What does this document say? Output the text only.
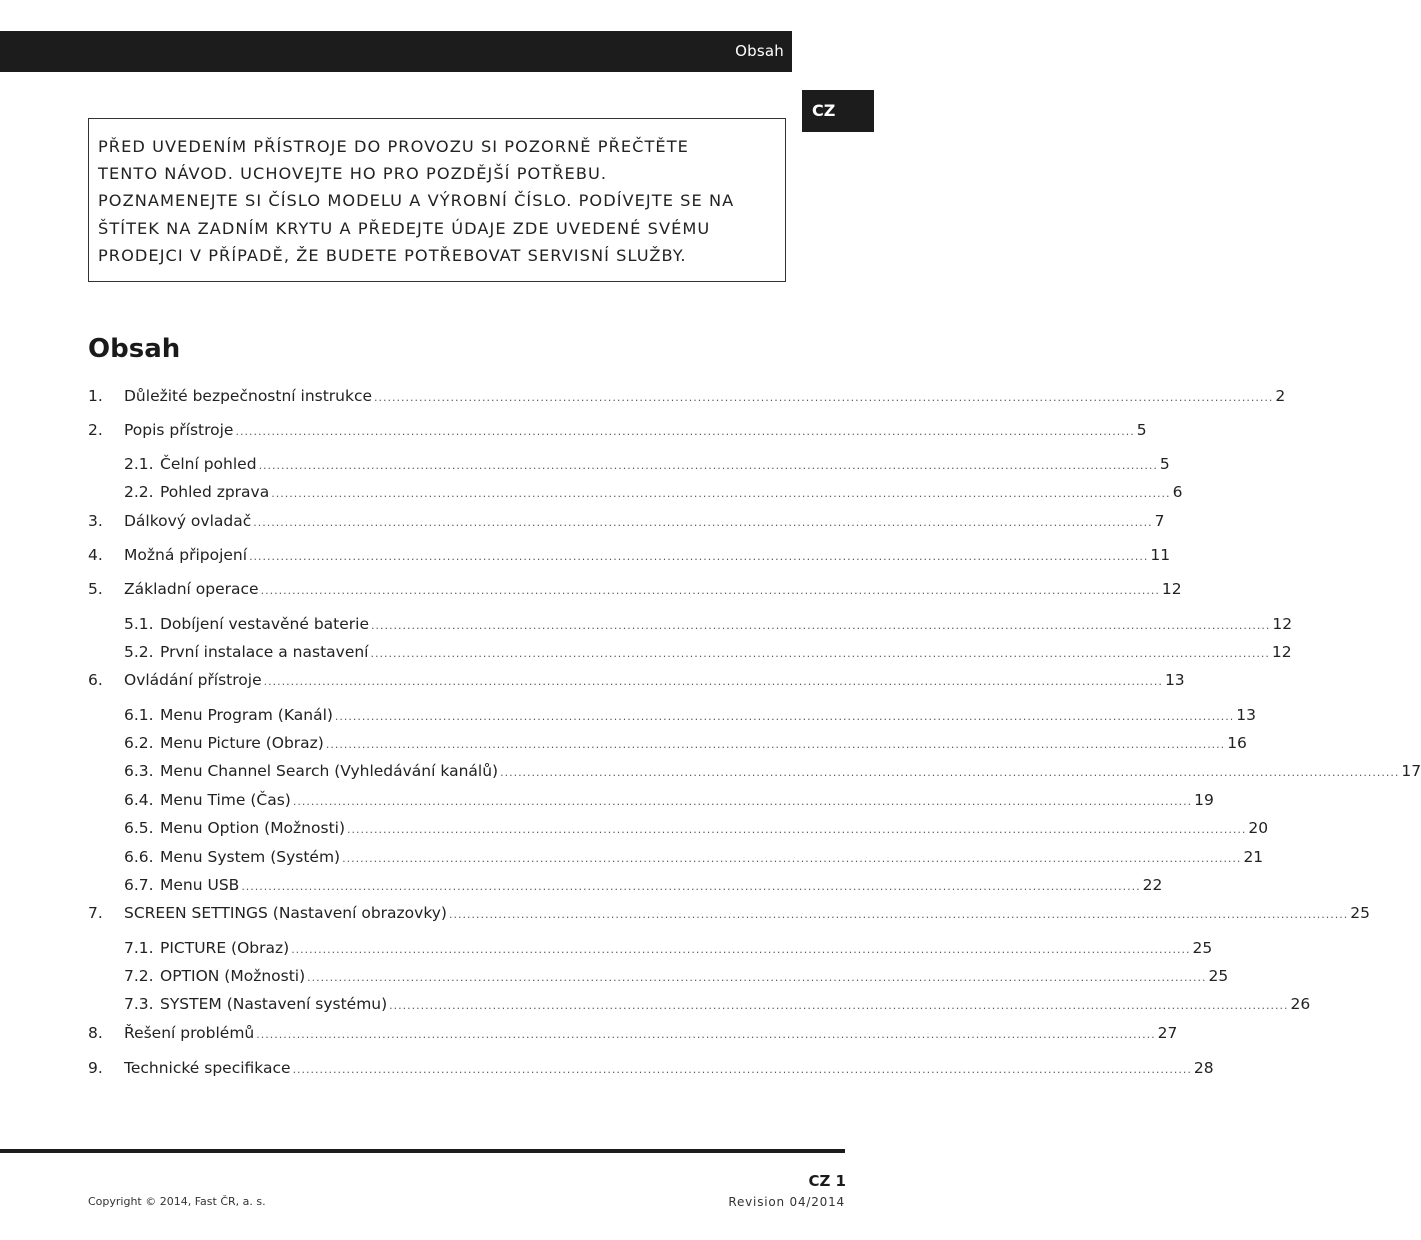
Obsah
CZ
PŘED UVEDENÍM PŘÍSTROJE DO PROVOZU SI POZORNĚ PŘEČTĚTE
TENTO NÁVOD. UCHOVEJTE HO PRO POZDĚJŠÍ POTŘEBU.
POZNAMENEJTE SI ČÍSLO MODELU A VÝROBNÍ ČÍSLO. PODÍVEJTE SE NA
ŠTÍTEK NA ZADNÍM KRYTU A PŘEDEJTE ÚDAJE ZDE UVEDENÉ SVÉMU
PRODEJCI V PŘÍPADĚ, ŽE BUDETE POTŘEBOVAT SERVISNÍ SLUŽBY.
Obsah
1.	Důležité bezpečnostní instrukce ........................................................................................................................................................................................................ 2
2.	Popis přístroje ........................................................................................................................................................................................................ 5
2.1. Čelní pohled ........................................................................................................................................................................................................ 5
2.2. Pohled zprava ........................................................................................................................................................................................................ 6
3.	Dálkový ovladač ........................................................................................................................................................................................................ 7
4.	Možná připojení ........................................................................................................................................................................................................ 11
5.	Základní operace ........................................................................................................................................................................................................ 12
5.1. Dobíjení vestavěné baterie ........................................................................................................................................................................................................ 12
5.2. První instalace a nastavení ........................................................................................................................................................................................................ 12
6.	Ovládání přístroje ........................................................................................................................................................................................................ 13
6.1. Menu Program (Kanál) ........................................................................................................................................................................................................ 13
6.2. Menu Picture (Obraz) ........................................................................................................................................................................................................ 16
6.3. Menu Channel Search (Vyhledávání kanálů) ........................................................................................................................................................................................................ 17
6.4. Menu Time (Čas) ........................................................................................................................................................................................................ 19
6.5. Menu Option (Možnosti) ........................................................................................................................................................................................................ 20
6.6. Menu System (Systém) ........................................................................................................................................................................................................ 21
6.7. Menu USB ........................................................................................................................................................................................................ 22
7.	SCREEN SETTINGS (Nastavení obrazovky) ........................................................................................................................................................................................................ 25
7.1. PICTURE (Obraz) ........................................................................................................................................................................................................ 25
7.2. OPTION (Možnosti) ........................................................................................................................................................................................................ 25
7.3. SYSTEM (Nastavení systému) ........................................................................................................................................................................................................ 26
8.	Řešení problémů ........................................................................................................................................................................................................ 27
9.	Technické specifikace ........................................................................................................................................................................................................ 28
CZ 1
Copyright © 2014, Fast ČR, a. s.	Revision 04/2014
